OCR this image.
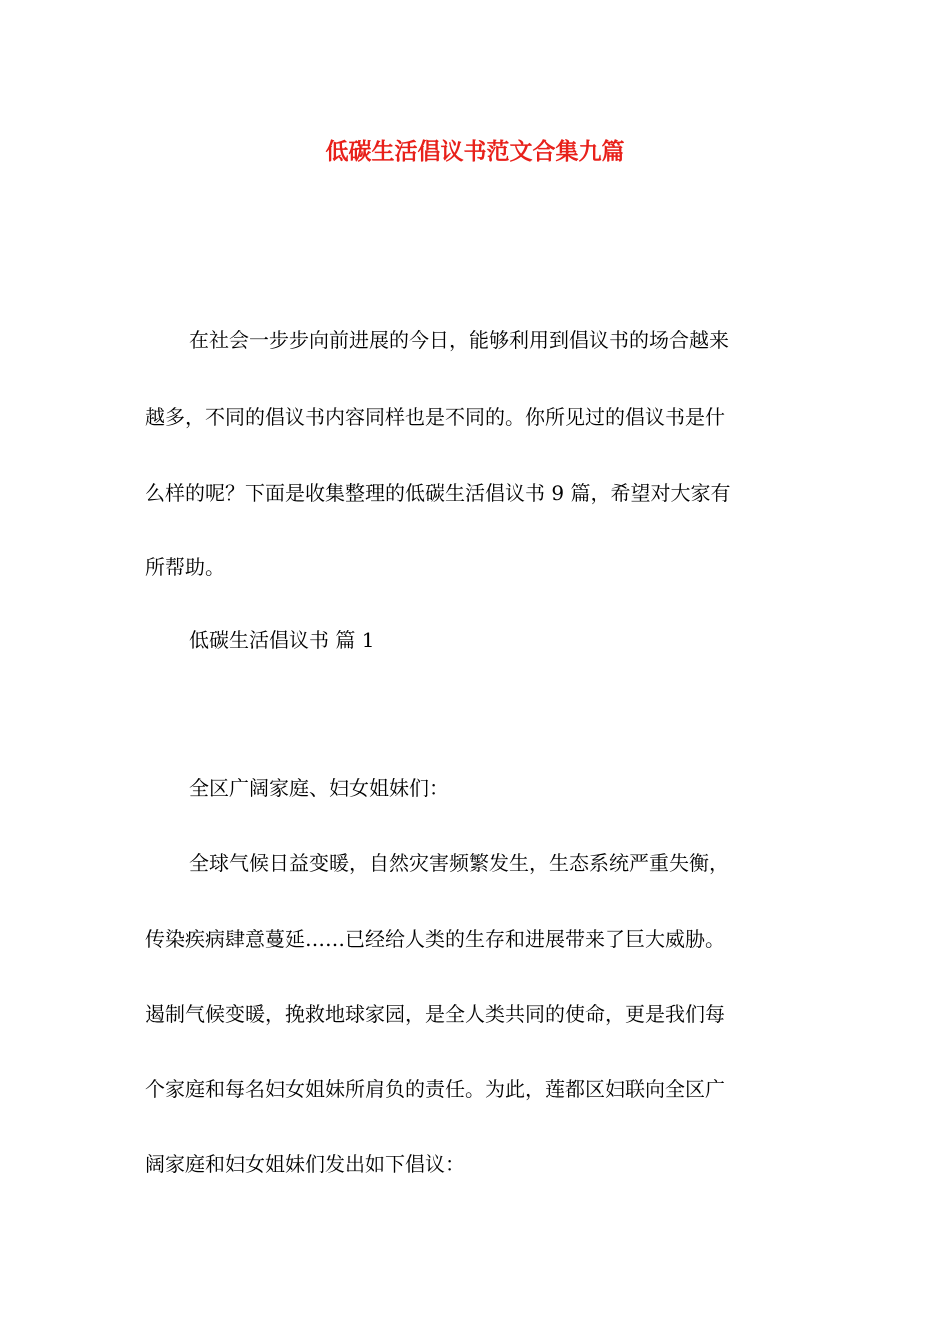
低碳生活倡议书范文合集九篇
在社会一步步向前进展的今日，能够利用到倡议书的场合越来
越多，不同的倡议书内容同样也是不同的。你所见过的倡议书是什
么样的呢？下面是收集整理的低碳生活倡议书 9 篇，希望对大家有
所帮助。
低碳生活倡议书 篇 1
全区广阔家庭、妇女姐妹们：
全球气候日益变暖，自然灾害频繁发生，生态系统严重失衡，
传染疾病肆意蔓延……已经给人类的生存和进展带来了巨大威胁。
遏制气候变暖，挽救地球家园，是全人类共同的使命，更是我们每
个家庭和每名妇女姐妹所肩负的责任。为此，莲都区妇联向全区广
阔家庭和妇女姐妹们发出如下倡议：
